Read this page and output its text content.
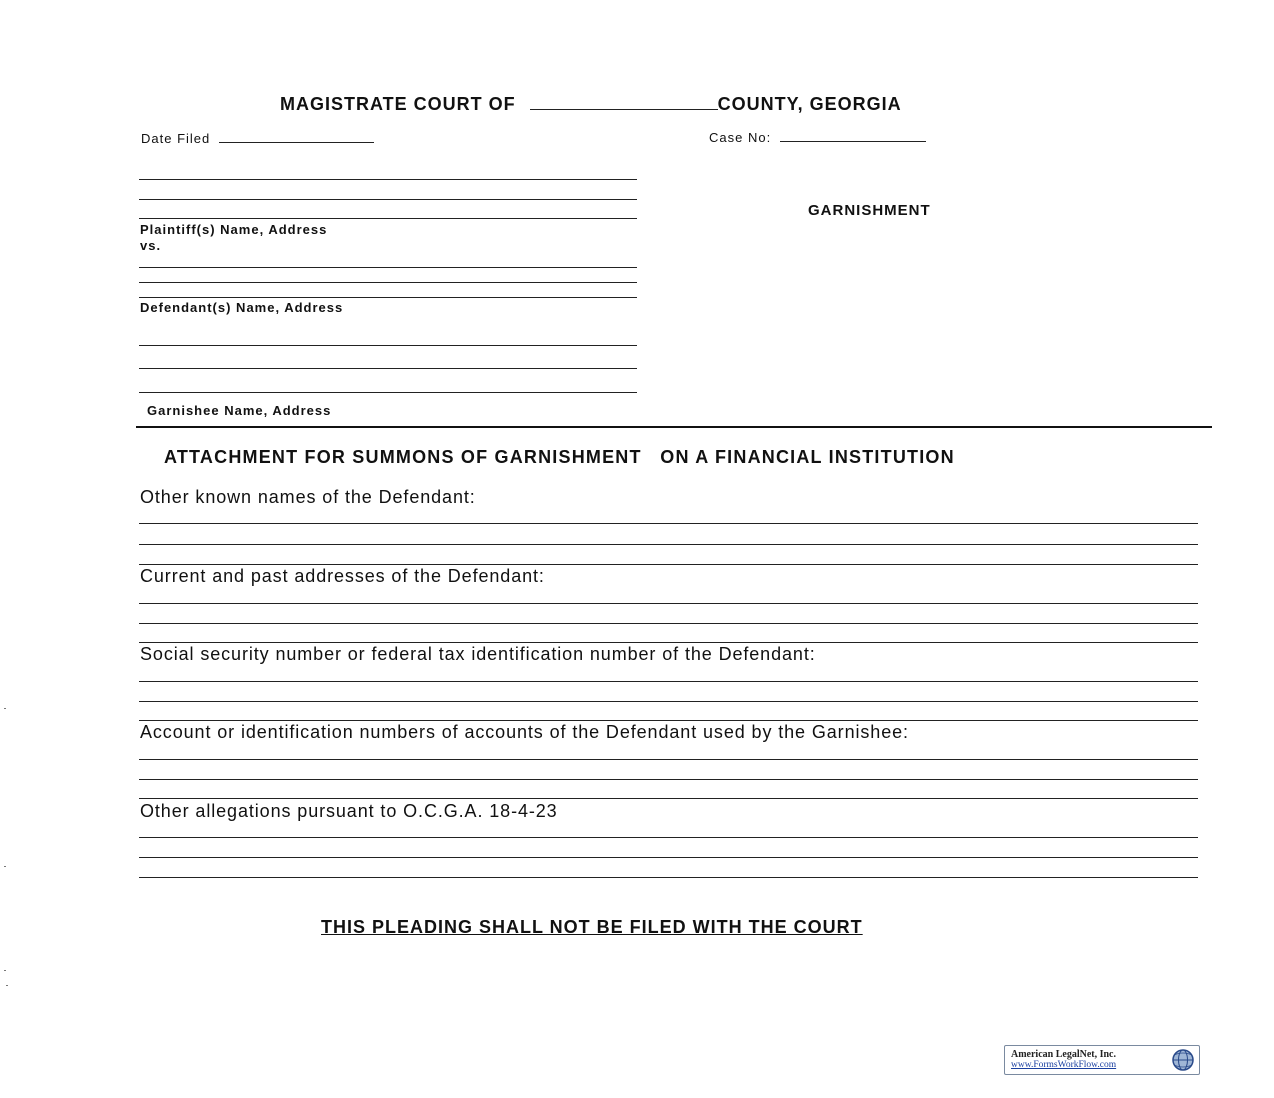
MAGISTRATE COURT OF	COUNTY, GEORGIA
Date Filed	Case No:
Plaintiff(s) Name, Address
vs.
Defendant(s) Name, Address
Garnishee Name, Address
GARNISHMENT
ATTACHMENT FOR SUMMONS OF GARNISHMENT   ON A FINANCIAL INSTITUTION
Other known names of the Defendant:
Current and past addresses of the Defendant:
Social security number or federal tax identification number of the Defendant:
Account or identification numbers of accounts of the Defendant used by the Garnishee:
Other allegations pursuant to O.C.G.A. 18-4-23
THIS PLEADING SHALL NOT BE FILED WITH THE COURT
American LegalNet, Inc.
www.FormsWorkFlow.com
